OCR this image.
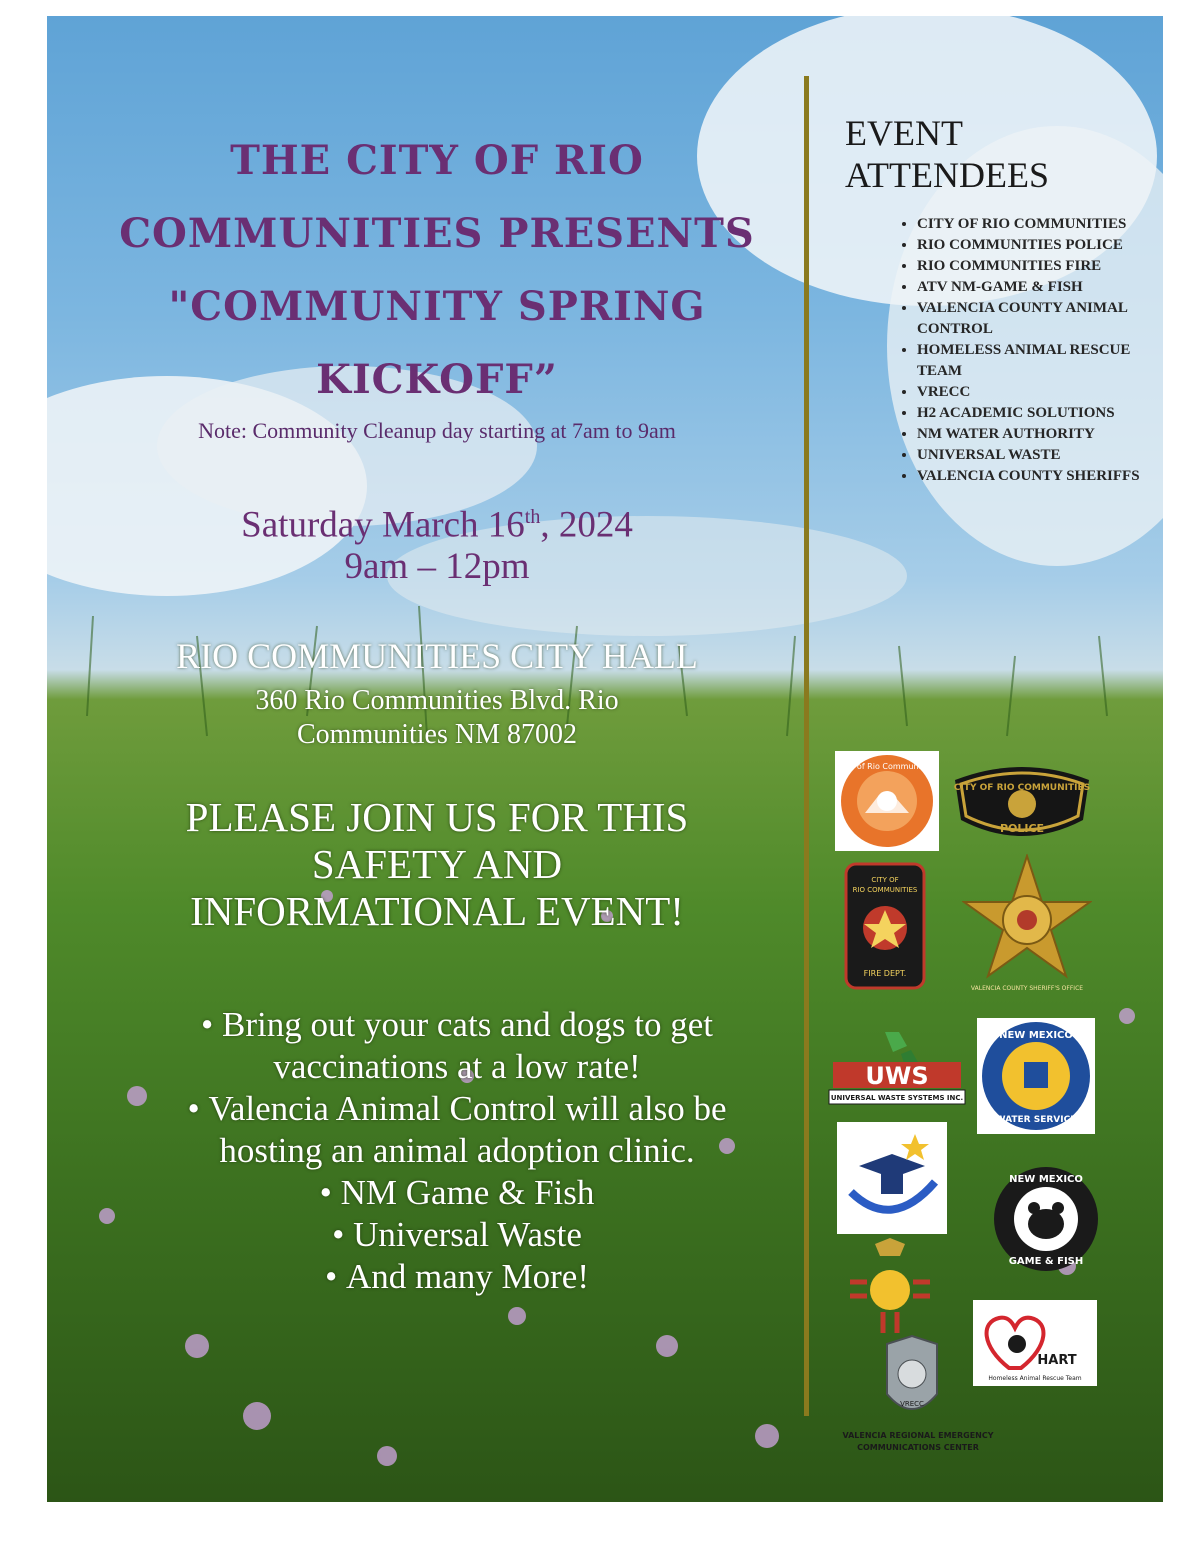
THE CITY OF RIO
COMMUNITIES PRESENTS
"COMMUNITY SPRING
KICKOFF”
Note: Community Cleanup day starting at 7am to 9am
Saturday March 16th, 2024
9am – 12pm
RIO COMMUNITIES CITY HALL
360 Rio Communities Blvd. Rio
Communities NM 87002
PLEASE JOIN US FOR THIS
SAFETY AND
INFORMATIONAL EVENT!
• Bring out your cats and dogs to get vaccinations at a low rate!
• Valencia Animal Control will also be hosting an animal adoption clinic.
• NM Game & Fish
• Universal Waste
• And many More!
EVENT
ATTENDEES
• CITY OF RIO COMMUNITIES
• RIO COMMUNITIES POLICE
• RIO COMMUNITIES FIRE
• ATV NM-GAME & FISH
• VALENCIA COUNTY ANIMAL CONTROL
• HOMELESS ANIMAL RESCUE TEAM
• VRECC
• H2 ACADEMIC SOLUTIONS
• NM WATER AUTHORITY
• UNIVERSAL WASTE
• VALENCIA COUNTY SHERIFFS
City of Rio Communities
CITY OF RIO COMMUNITIES
POLICE
CITY OF
RIO COMMUNITIES
FIRE DEPT.
VALENCIA COUNTY SHERIFF'S OFFICE
UWS
UNIVERSAL WASTE SYSTEMS INC.
NEW MEXICO
WATER SERVICE
NEW MEXICO
GAME & FISH
HART
Homeless Animal Rescue Team
VRECC
VALENCIA REGIONAL EMERGENCY
COMMUNICATIONS CENTER
